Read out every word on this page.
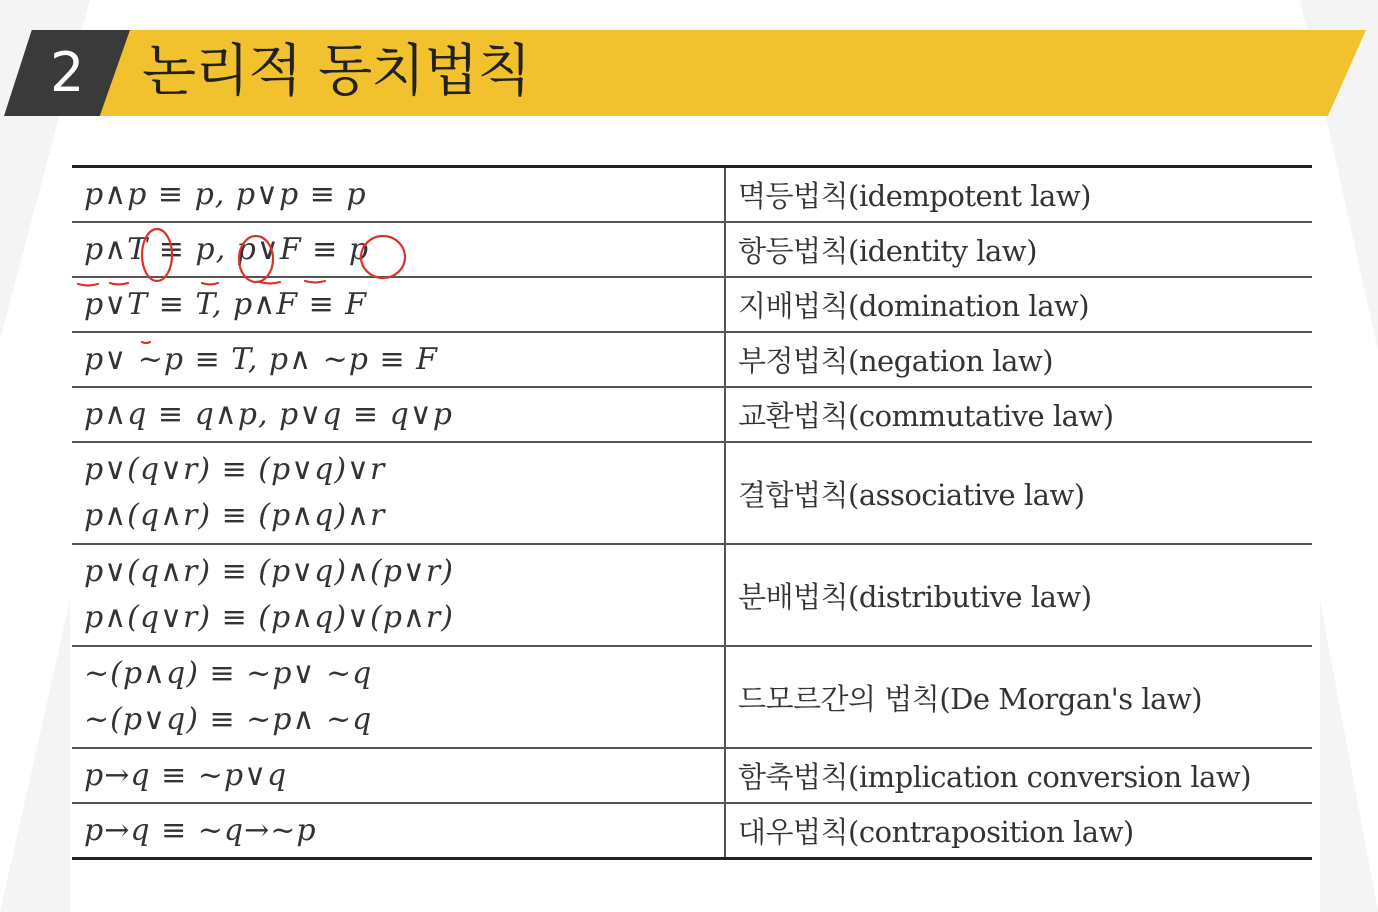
2 논리적 동치법칙
p∧p ≡ p, p∨p ≡ p	멱등법칙(idempotent law)

p∧T ≡ p, p∨F ≡ p	항등법칙(identity law)

p∨T ≡ T, p∧F ≡ F	지배법칙(domination law)

p∨ ~p ≡ T, p∧ ~p ≡ F	부정법칙(negation law)

p∧q ≡ q∧p, p∨q ≡ q∨p	교환법칙(commutative law)

p∨(q∨r) ≡ (p∨q)∨r
p∧(q∧r) ≡ (p∧q)∧r	결합법칙(associative law)

p∨(q∧r) ≡ (p∨q)∧(p∨r)
p∧(q∨r) ≡ (p∧q)∨(p∧r)	분배법칙(distributive law)

~(p∧q) ≡ ~p∨ ~q
~(p∨q) ≡ ~p∧ ~q	드모르간의 법칙(De Morgan's law)

p→q ≡ ~p∨q	함축법칙(implication conversion law)

p→q ≡ ~q→~p	대우법칙(contraposition law)
